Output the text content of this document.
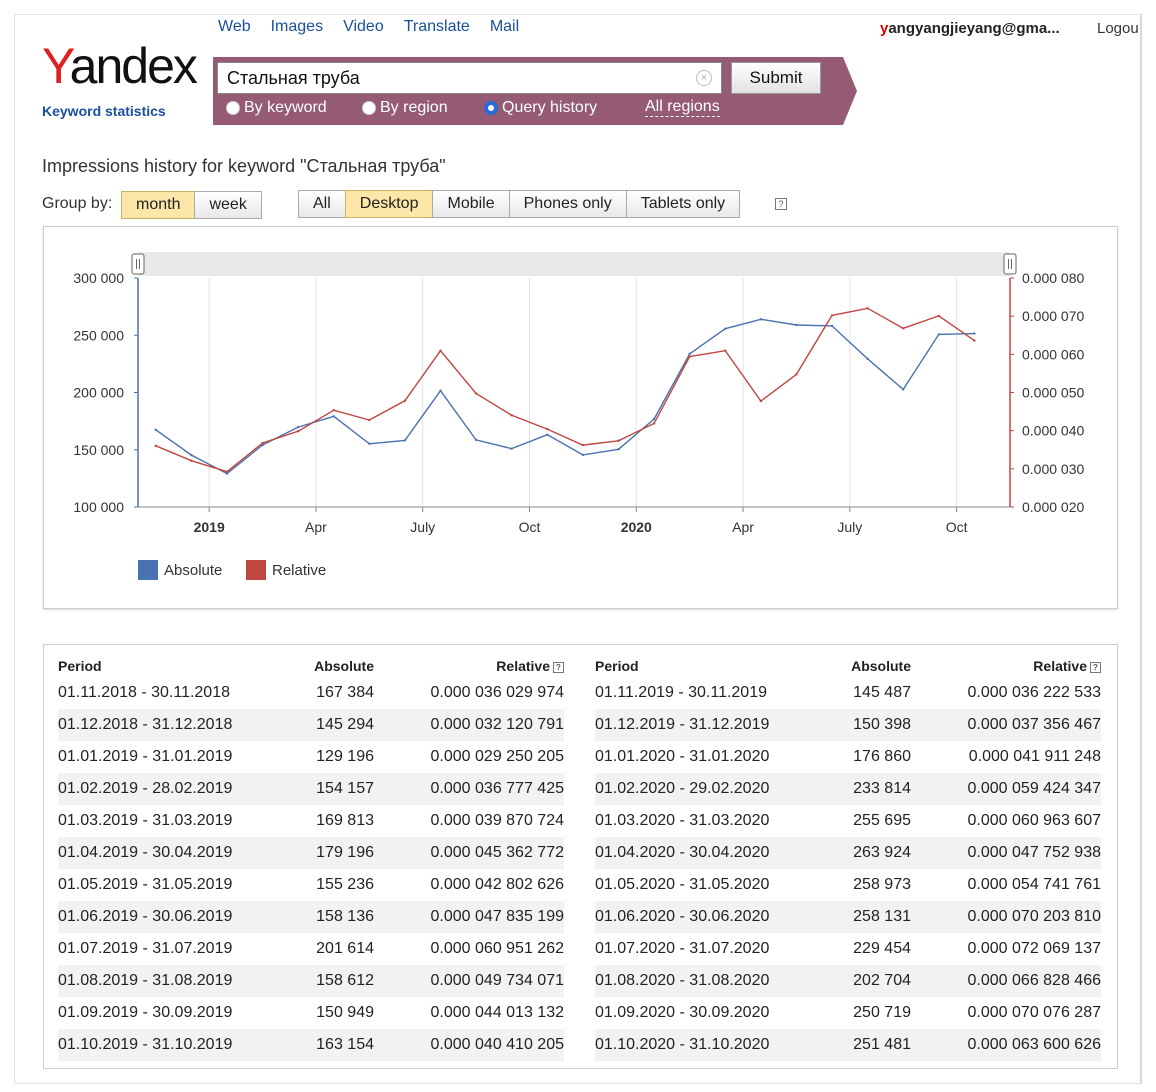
Web Images Video Translate Mail	yangyangjieyang@gma... Logou
Yandex
Keyword statistics
Стальная труба
×	Submit
By keyword	By region	Query history	All regions
Impressions history for keyword "Стальная труба"
Group by:	month	week	All	Desktop	Mobile	Phones only	Tablets only	?
300 000
250 000
200 000
150 000
100 000
0.000 080
0.000 070
0.000 060
0.000 050
0.000 040
0.000 030
0.000 020
2019	Apr	July	Oct	2020	Apr	July	Oct
Absolute	Relative
Period	Absolute	Relative ?
01.11.2018 - 30.11.2018	167 384	0.000 036 029 974
01.12.2018 - 31.12.2018	145 294	0.000 032 120 791
01.01.2019 - 31.01.2019	129 196	0.000 029 250 205
01.02.2019 - 28.02.2019	154 157	0.000 036 777 425
01.03.2019 - 31.03.2019	169 813	0.000 039 870 724
01.04.2019 - 30.04.2019	179 196	0.000 045 362 772
01.05.2019 - 31.05.2019	155 236	0.000 042 802 626
01.06.2019 - 30.06.2019	158 136	0.000 047 835 199
01.07.2019 - 31.07.2019	201 614	0.000 060 951 262
01.08.2019 - 31.08.2019	158 612	0.000 049 734 071
01.09.2019 - 30.09.2019	150 949	0.000 044 013 132
01.10.2019 - 31.10.2019	163 154	0.000 040 410 205
Period	Absolute	Relative ?
01.11.2019 - 30.11.2019	145 487	0.000 036 222 533
01.12.2019 - 31.12.2019	150 398	0.000 037 356 467
01.01.2020 - 31.01.2020	176 860	0.000 041 911 248
01.02.2020 - 29.02.2020	233 814	0.000 059 424 347
01.03.2020 - 31.03.2020	255 695	0.000 060 963 607
01.04.2020 - 30.04.2020	263 924	0.000 047 752 938
01.05.2020 - 31.05.2020	258 973	0.000 054 741 761
01.06.2020 - 30.06.2020	258 131	0.000 070 203 810
01.07.2020 - 31.07.2020	229 454	0.000 072 069 137
01.08.2020 - 31.08.2020	202 704	0.000 066 828 466
01.09.2020 - 30.09.2020	250 719	0.000 070 076 287
01.10.2020 - 31.10.2020	251 481	0.000 063 600 626
